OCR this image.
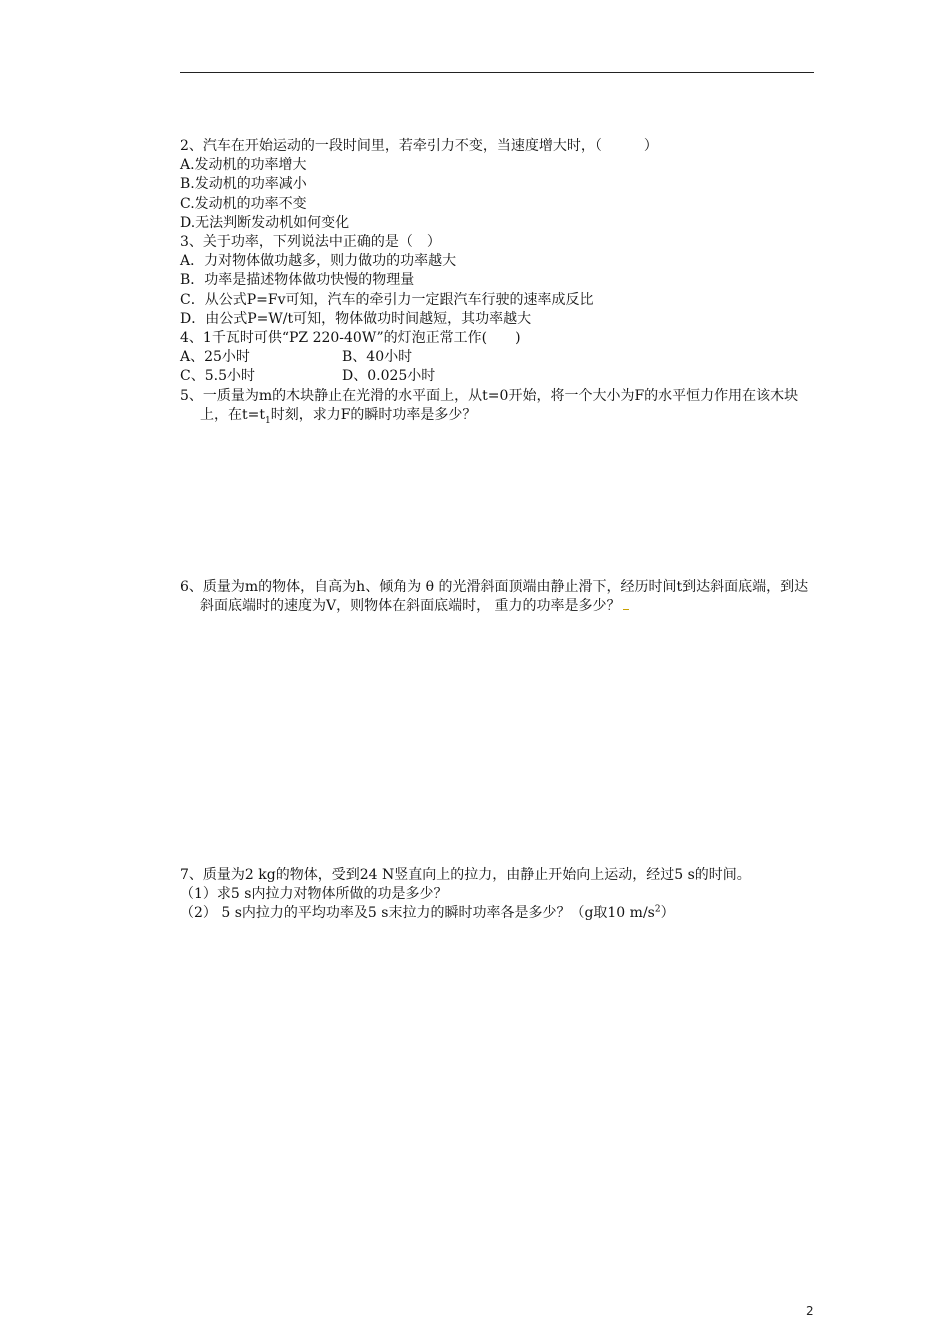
2、汽车在开始运动的一段时间里，若牵引力不变，当速度增大时，（　　　）
A.发动机的功率增大
B.发动机的功率减小
C.发动机的功率不变
D.无法判断发动机如何变化
3、关于功率，下列说法中正确的是（　）
A．力对物体做功越多，则力做功的功率越大
B．功率是描述物体做功快慢的物理量
C．从公式P=Fv可知，汽车的牵引力一定跟汽车行驶的速率成反比
D．由公式P=W/t可知，物体做功时间越短，其功率越大
4、1千瓦时可供“PZ 220-40W”的灯泡正常工作(　　)
A、25小时	B、40小时
C、5.5小时	D、0.025小时
5、一质量为m的木块静止在光滑的水平面上，从t=0开始，将一个大小为F的水平恒力作用在该木块上，在$t=t_1$时刻，求力F的瞬时功率是多少？
6、质量为m的物体，自高为h、倾角为 θ 的光滑斜面顶端由静止滑下，经历时间t到达斜面底端，到达斜面底端时的速度为V，则物体在斜面底端时， 重力的功率是多少？
7、质量为2 kg的物体，受到24 N竖直向上的拉力，由静止开始向上运动，经过5 s的时间。
（1）求5 s内拉力对物体所做的功是多少？
（2） 5 s内拉力的平均功率及5 s末拉力的瞬时功率各是多少？（g取10 $m/s^2$）
2
